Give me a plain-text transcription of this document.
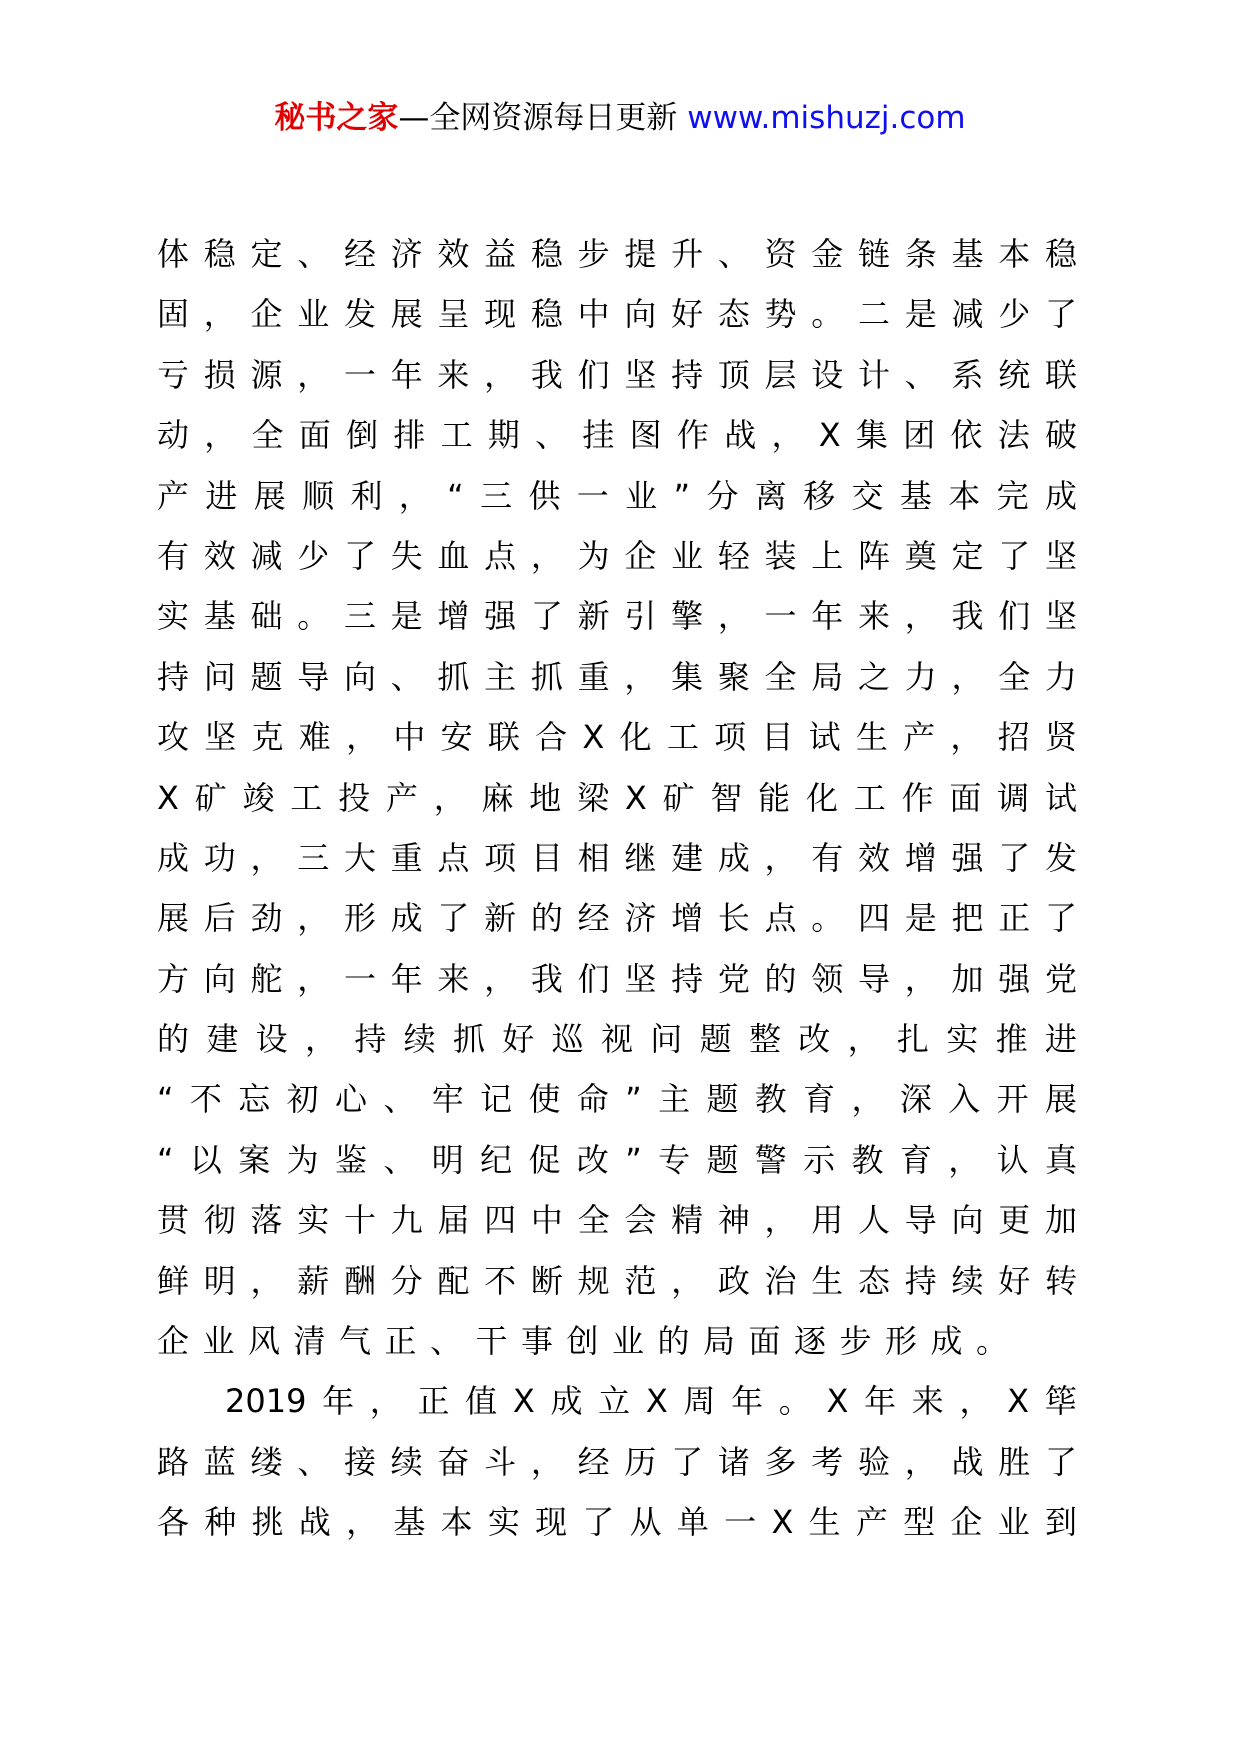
秘书之家—全网资源每日更新 www.mishuzj.com
体 稳 定 、 经 济 效 益 稳 步 提 升 、 资 金 链 条 基 本 稳
固 ， 企 业 发 展 呈 现 稳 中 向 好 态 势 。 二 是 减 少 了
亏 损 源 ， 一 年 来 ， 我 们 坚 持 顶 层 设 计 、 系 统 联
动 ， 全 面 倒 排 工 期 、 挂 图 作 战 ， X 集 团 依 法 破
产 进 展 顺 利 ， “ 三 供 一 业 ” 分 离 移 交 基 本 完 成
有 效 减 少 了 失 血 点 ， 为 企 业 轻 装 上 阵 奠 定 了 坚
实 基 础 。 三 是 增 强 了 新 引 擎 ， 一 年 来 ， 我 们 坚
持 问 题 导 向 、 抓 主 抓 重 ， 集 聚 全 局 之 力 ， 全 力
攻 坚 克 难 ， 中 安 联 合 X 化 工 项 目 试 生 产 ， 招 贤
X 矿 竣 工 投 产 ， 麻 地 梁 X 矿 智 能 化 工 作 面 调 试
成 功 ， 三 大 重 点 项 目 相 继 建 成 ， 有 效 增 强 了 发
展 后 劲 ， 形 成 了 新 的 经 济 增 长 点 。 四 是 把 正 了
方 向 舵 ， 一 年 来 ， 我 们 坚 持 党 的 领 导 ， 加 强 党
的 建 设 ， 持 续 抓 好 巡 视 问 题 整 改 ， 扎 实 推 进
“ 不 忘 初 心 、 牢 记 使 命 ” 主 题 教 育 ， 深 入 开 展
“ 以 案 为 鉴 、 明 纪 促 改 ” 专 题 警 示 教 育 ， 认 真
贯 彻 落 实 十 九 届 四 中 全 会 精 神 ， 用 人 导 向 更 加
鲜 明 ， 薪 酬 分 配 不 断 规 范 ， 政 治 生 态 持 续 好 转
企业风清气正、干事创业的局面逐步形成。
2019 年 ， 正 值 X 成 立 X 周 年 。 X 年 来 ， X 筚
路 蓝 缕 、 接 续 奋 斗 ， 经 历 了 诸 多 考 验 ， 战 胜 了
各 种 挑 战 ， 基 本 实 现 了 从 单 一 X 生 产 型 企 业 到
